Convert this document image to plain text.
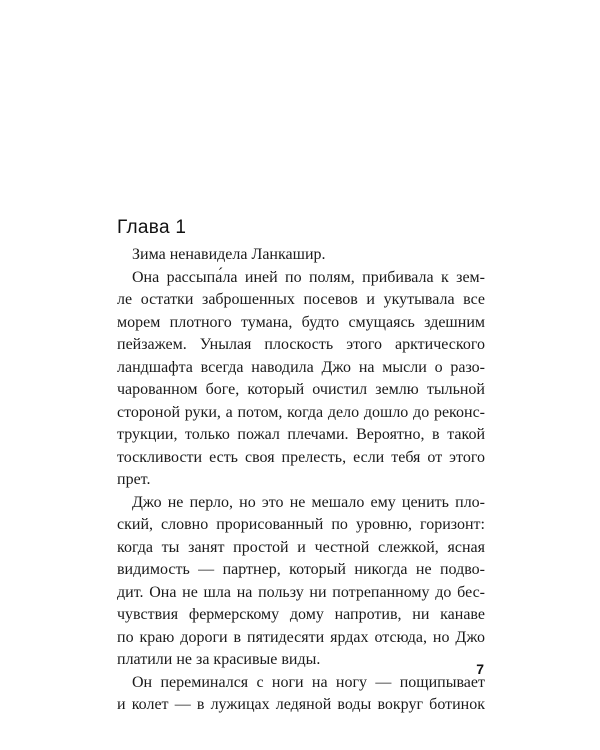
Глава 1

Зима ненавидела Ланкашир.

Она рассыпа́ла иней по полям, прибивала к зем-
ле остатки заброшенных посевов и укутывала все
морем плотного тумана, будто смущаясь здешним
пейзажем. Унылая плоскость этого арктического
ландшафта всегда наводила Джо на мысли о разо-
чарованном боге, который очистил землю тыльной
стороной руки, а потом, когда дело дошло до реконс-
трукции, только пожал плечами. Вероятно, в такой
тоскливости есть своя прелесть, если тебя от этого
прет.

Джо не перло, но это не мешало ему ценить пло-
ский, словно прорисованный по уровню, горизонт:
когда ты занят простой и честной слежкой, ясная
видимость — партнер, который никогда не подво-
дит. Она не шла на пользу ни потрепанному до бес-
чувствия фермерскому дому напротив, ни канаве
по краю дороги в пятидесяти ярдах отсюда, но Джо
платили не за красивые виды.

Он переминался с ноги на ногу — пощипывает
и колет — в лужицах ледяной воды вокруг ботинок

7
